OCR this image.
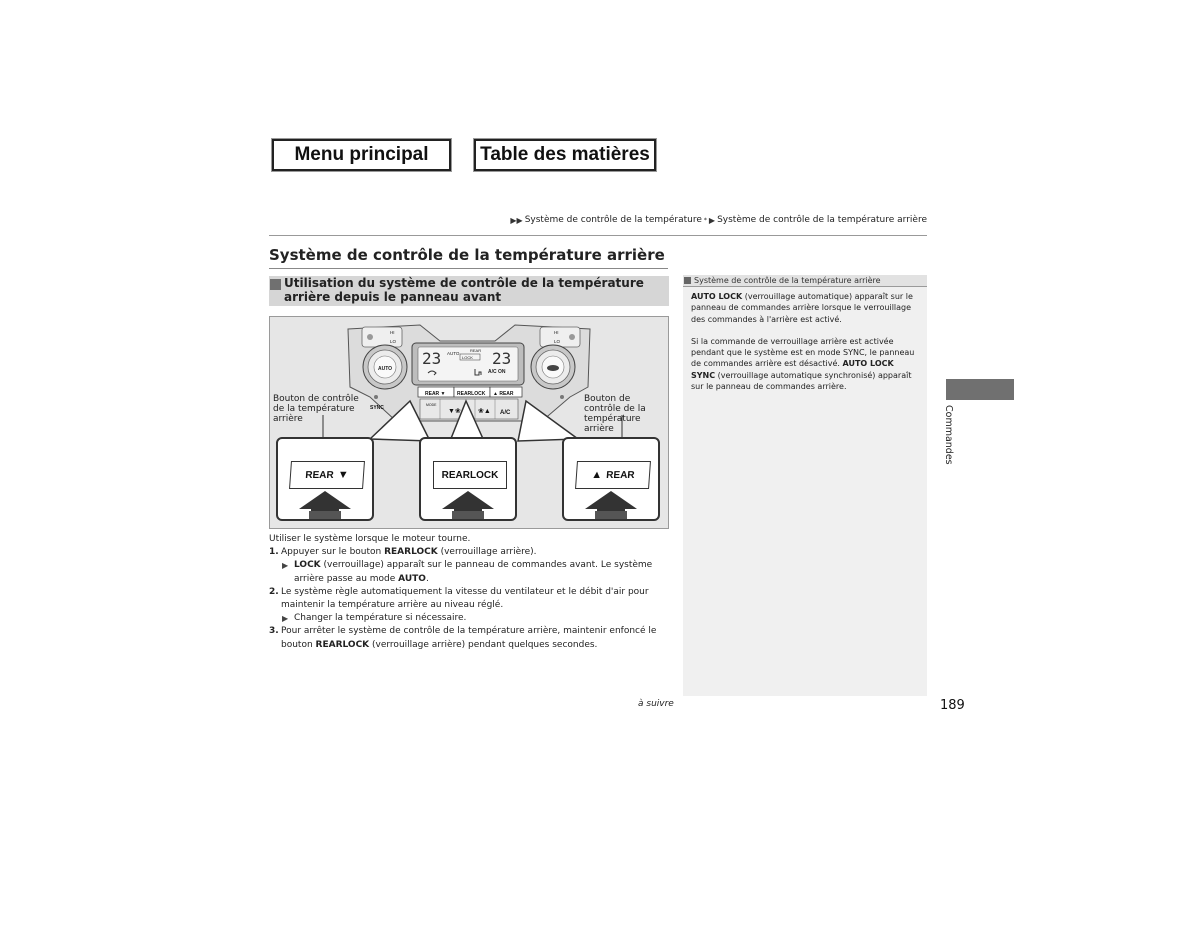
Menu principal	Table des matières
▶▶ Système de contrôle de la température * ▶ Système de contrôle de la température arrière
Système de contrôle de la température arrière
Utilisation du système de contrôle de la température arrière depuis le panneau avant
HI
LO
HI
LO
AUTO
23	23
AUTO
REAR
LOCK
A/C ON
REAR ▼ REARLOCK ▲ REAR
MODE
▼❀ ❀▲ A/C
SYNC
Bouton de contrôle de la température arrière
Bouton de contrôle de la température arrière
REAR ▼	REARLOCK	▲ REAR

Utiliser le système lorsque le moteur tourne.

1. Appuyer sur le bouton REARLOCK (verrouillage arrière).
▶ LOCK (verrouillage) apparaît sur le panneau de commandes avant. Le système arrière passe au mode AUTO.
2. Le système règle automatiquement la vitesse du ventilateur et le débit d'air pour maintenir la température arrière au niveau réglé.
▶ Changer la température si nécessaire.
3. Pour arrêter le système de contrôle de la température arrière, maintenir enfoncé le bouton REARLOCK (verrouillage arrière) pendant quelques secondes.
Système de contrôle de la température arrière

AUTO LOCK (verrouillage automatique) apparaît sur le panneau de commandes arrière lorsque le verrouillage des commandes à l'arrière est activé.

Si la commande de verrouillage arrière est activée pendant que le système est en mode SYNC, le panneau de commandes arrière est désactivé. AUTO LOCK SYNC (verrouillage automatique synchronisé) apparaît sur le panneau de commandes arrière.

Commandes
à suivre	189
